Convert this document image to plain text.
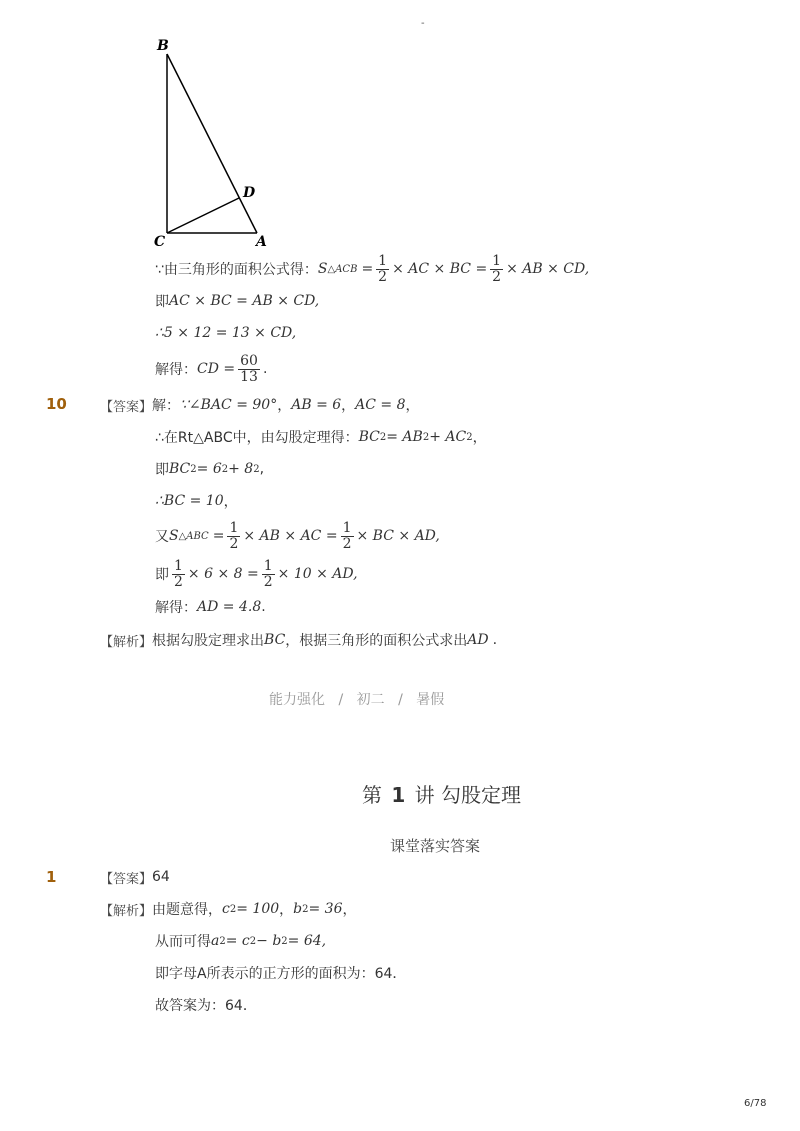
-
B
C
D
A
∵由三角形的面积公式得： S △ACB = $\frac{1}{2}$ × AC × BC = $\frac{1}{2}$ × AB × CD,
即 AC × BC = AB × CD,
∴5 × 12 = 13 × CD,
解得： CD = $\frac{60}{13}$ .
10	【答案】 解： ∵∠BAC = 90° ， AB = 6 ， AC = 8 ，
∴在Rt△ABC中，由勾股定理得： BC 2 = AB 2 + AC 2 ，
即 BC 2 = 6 2 + 8 2 ,
∴BC = 10 ，
又 S △ABC = $\frac{1}{2}$ × AB × AC = $\frac{1}{2}$ × BC × AD,
即 $\frac{1}{2} \times 6 \times 8 = \frac{1}{2} \times 10$ × AD,
解得： AD = 4.8 .
【解析】 根据勾股定理求出 BC ，根据三角形的面积公式求出 AD .
能力强化 / 初二 / 暑假
第 1 讲 勾股定理
课堂落实答案
1	【答案】 64
【解析】 由题意得， c 2 = 100 ， b 2 = 36 ，
从而可得 a 2 = c 2 − b 2 = 64,
即字母A所表示的正方形的面积为：64．
故答案为：64．
6/78
